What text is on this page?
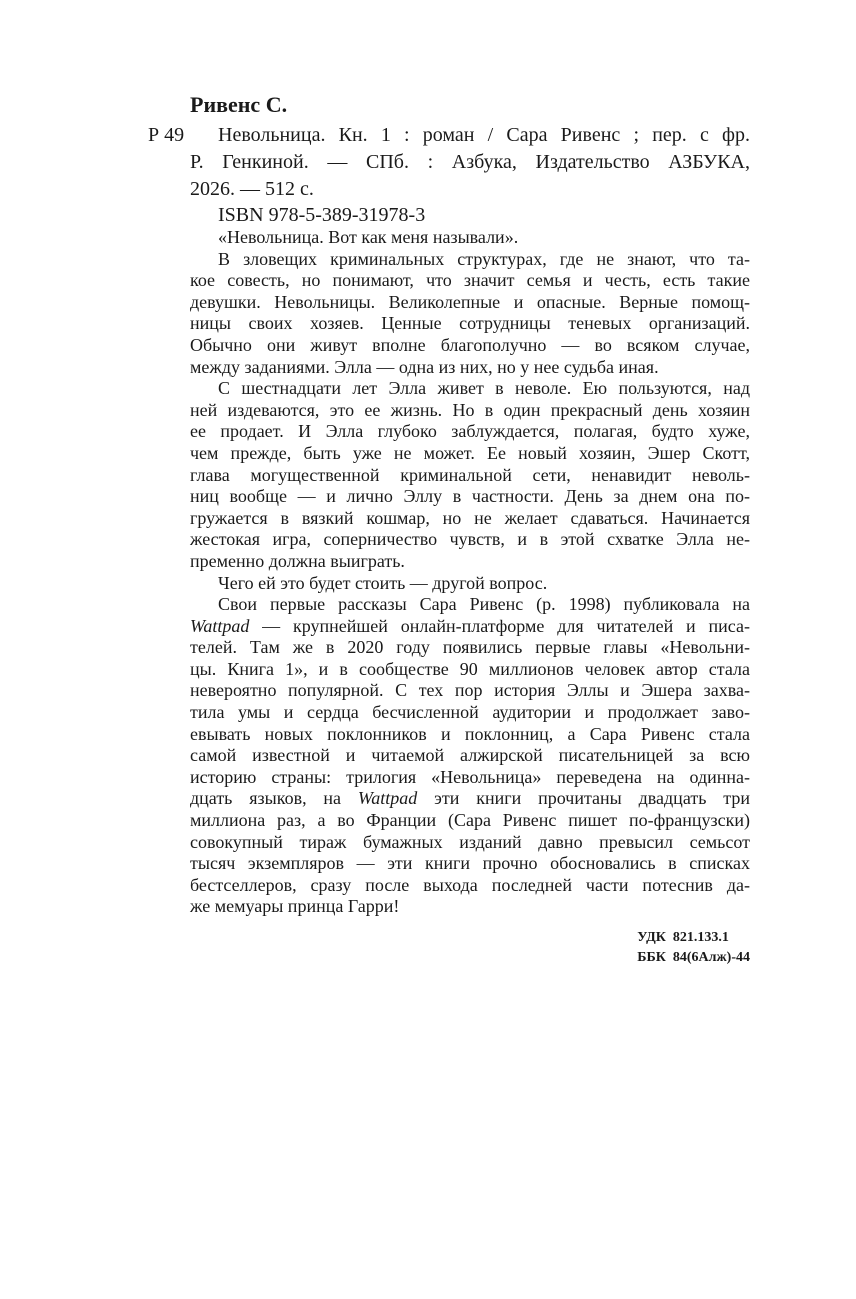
Ривенс С.
Р 49 Невольница. Кн. 1 : роман / Сара Ривенс ; пер. с фр.
Р. Генкиной. — СПб. : Азбука, Издательство АЗБУКА,
2026. — 512 с.
ISBN 978-5-389-31978-3
«Невольница. Вот как меня называли».
В зловещих криминальных структурах, где не знают, что та-
кое совесть, но понимают, что значит семья и честь, есть такие
девушки. Невольницы. Великолепные и опасные. Верные помощ-
ницы своих хозяев. Ценные сотрудницы теневых организаций.
Обычно они живут вполне благополучно — во всяком случае,
между заданиями. Элла — одна из них, но у нее судьба иная.
С шестнадцати лет Элла живет в неволе. Ею пользуются, над
ней издеваются, это ее жизнь. Но в один прекрасный день хозяин
ее продает. И Элла глубоко заблуждается, полагая, будто хуже,
чем прежде, быть уже не может. Ее новый хозяин, Эшер Скотт,
глава могущественной криминальной сети, ненавидит неволь-
ниц вообще — и лично Эллу в частности. День за днем она по-
гружается в вязкий кошмар, но не желает сдаваться. Начинается
жестокая игра, соперничество чувств, и в этой схватке Элла не-
пременно должна выиграть.
Чего ей это будет стоить — другой вопрос.
Свои первые рассказы Сара Ривенс (р. 1998) публиковала на
Wattpad — крупнейшей онлайн-платформе для читателей и писа-
телей. Там же в 2020 году появились первые главы «Невольни-
цы. Книга 1», и в сообществе 90 миллионов человек автор стала
невероятно популярной. С тех пор история Эллы и Эшера захва-
тила умы и сердца бесчисленной аудитории и продолжает заво-
евывать новых поклонников и поклонниц, а Сара Ривенс стала
самой известной и читаемой алжирской писательницей за всю
историю страны: трилогия «Невольница» переведена на одинна-
дцать языков, на Wattpad эти книги прочитаны двадцать три
миллиона раз, а во Франции (Сара Ривенс пишет по-французски)
совокупный тираж бумажных изданий давно превысил семьсот
тысяч экземпляров — эти книги прочно обосновались в списках
бестселлеров, сразу после выхода последней части потеснив да-
же мемуары принца Гарри!
УДК  821.133.1
ББК  84(6Алж)-44
